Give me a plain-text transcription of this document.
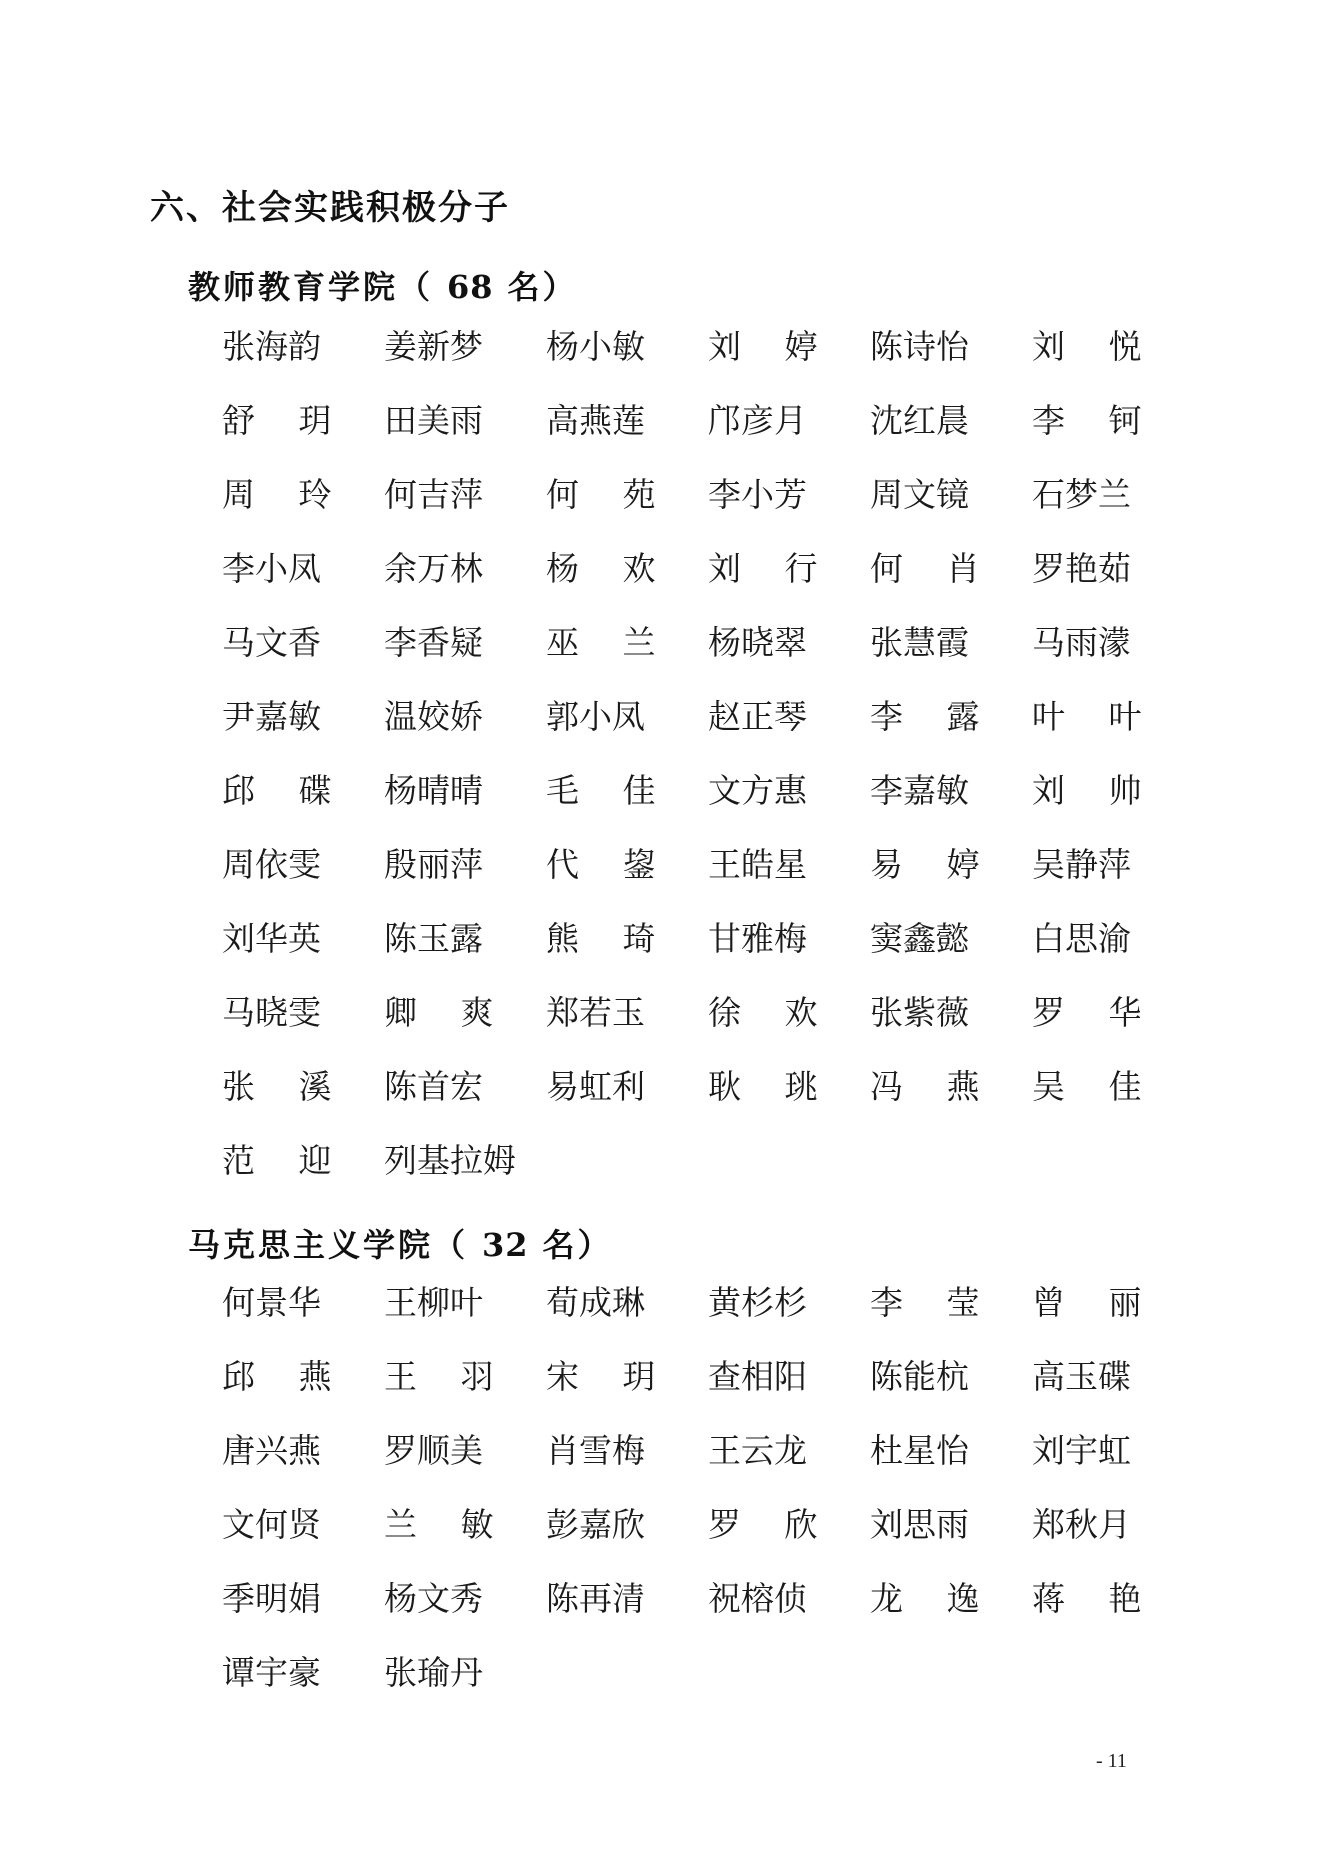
六、社会实践积极分子
教师教育学院（ 68 名）
张海韵	姜新梦	杨小敏	刘 婷	陈诗怡	刘 悦
舒 玥	田美雨	高燕莲	邝彦月	沈红晨	李 钶
周 玲	何吉萍	何 苑	李小芳	周文镜	石梦兰
李小凤	余万林	杨 欢	刘 行	何 肖	罗艳茹
马文香	李香疑	巫 兰	杨晓翠	张慧霞	马雨濛
尹嘉敏	温姣娇	郭小凤	赵正琴	李 露	叶 叶
邱 碟	杨晴晴	毛 佳	文方惠	李嘉敏	刘 帅
周依雯	殷丽萍	代 鋆	王皓星	易 婷	吴静萍
刘华英	陈玉露	熊 琦	甘雅梅	窦鑫懿	白思渝
马晓雯	卿 爽	郑若玉	徐 欢	张紫薇	罗 华
张 溪	陈首宏	易虹利	耿 珧	冯 燕	吴 佳
范 迎	列基拉姆
马克思主义学院（ 32 名）
何景华	王柳叶	荀成琳	黄杉杉	李 莹	曾 丽
邱 燕	王 羽	宋 玥	查相阳	陈能杭	高玉碟
唐兴燕	罗顺美	肖雪梅	王云龙	杜星怡	刘宇虹
文何贤	兰 敏	彭嘉欣	罗 欣	刘思雨	郑秋月
季明娟	杨文秀	陈再清	祝榕侦	龙 逸	蒋 艳
谭宇豪	张瑜丹
- 11
